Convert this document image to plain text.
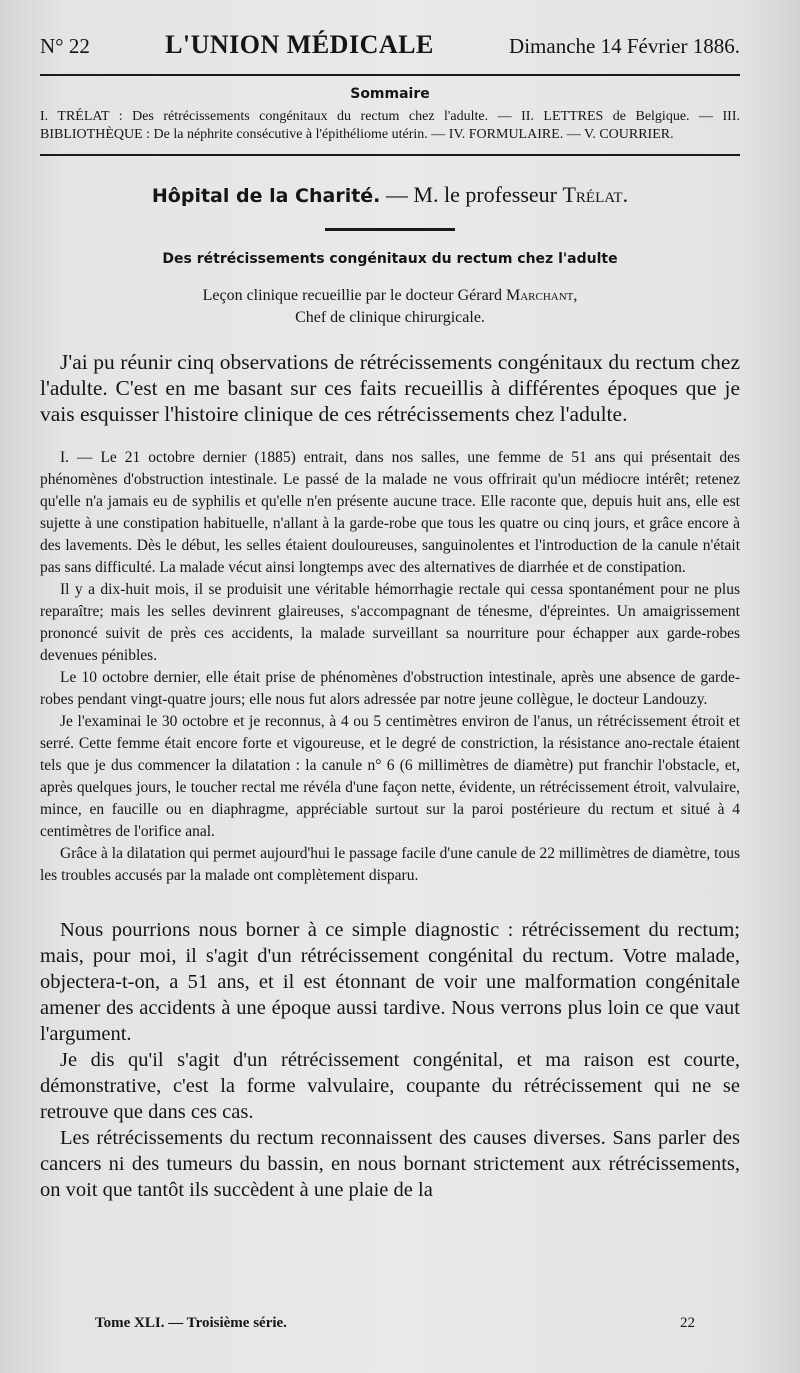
N° 22	L'UNION MÉDICALE	Dimanche 14 Février 1886.
Sommaire
I. TRÉLAT : Des rétrécissements congénitaux du rectum chez l'adulte. — II. LETTRES de Belgique. — III. BIBLIOTHÈQUE : De la néphrite consécutive à l'épithéliome utérin. — IV. FORMULAIRE. — V. COURRIER.
Hôpital de la Charité. — M. le professeur Trélat.
Des rétrécissements congénitaux du rectum chez l'adulte
Leçon clinique recueillie par le docteur Gérard Marchant,
Chef de clinique chirurgicale.
J'ai pu réunir cinq observations de rétrécissements congénitaux du rectum chez l'adulte. C'est en me basant sur ces faits recueillis à différentes époques que je vais esquisser l'histoire clinique de ces rétrécissements chez l'adulte.

I. — Le 21 octobre dernier (1885) entrait, dans nos salles, une femme de 51 ans qui présentait des phénomènes d'obstruction intestinale. Le passé de la malade ne vous offrirait qu'un médiocre intérêt; retenez qu'elle n'a jamais eu de syphilis et qu'elle n'en présente aucune trace. Elle raconte que, depuis huit ans, elle est sujette à une constipation habituelle, n'allant à la garde-robe que tous les quatre ou cinq jours, et grâce encore à des lavements. Dès le début, les selles étaient douloureuses, sanguinolentes et l'introduction de la canule n'était pas sans difficulté. La malade vécut ainsi longtemps avec des alternatives de diarrhée et de constipation.

Il y a dix-huit mois, il se produisit une véritable hémorrhagie rectale qui cessa spontanément pour ne plus reparaître; mais les selles devinrent glaireuses, s'accompagnant de ténesme, d'épreintes. Un amaigrissement prononcé suivit de près ces accidents, la malade surveillant sa nourriture pour échapper aux garde-robes devenues pénibles.

Le 10 octobre dernier, elle était prise de phénomènes d'obstruction intestinale, après une absence de garde-robes pendant vingt-quatre jours; elle nous fut alors adressée par notre jeune collègue, le docteur Landouzy.

Je l'examinai le 30 octobre et je reconnus, à 4 ou 5 centimètres environ de l'anus, un rétrécissement étroit et serré. Cette femme était encore forte et vigoureuse, et le degré de constriction, la résistance ano-rectale étaient tels que je dus commencer la dilatation : la canule n° 6 (6 millimètres de diamètre) put franchir l'obstacle, et, après quelques jours, le toucher rectal me révéla d'une façon nette, évidente, un rétrécissement étroit, valvulaire, mince, en faucille ou en diaphragme, appréciable surtout sur la paroi postérieure du rectum et situé à 4 centimètres de l'orifice anal.

Grâce à la dilatation qui permet aujourd'hui le passage facile d'une canule de 22 millimètres de diamètre, tous les troubles accusés par la malade ont complètement disparu.

Nous pourrions nous borner à ce simple diagnostic : rétrécissement du rectum; mais, pour moi, il s'agit d'un rétrécissement congénital du rectum. Votre malade, objectera-t-on, a 51 ans, et il est étonnant de voir une malformation congénitale amener des accidents à une époque aussi tardive. Nous verrons plus loin ce que vaut l'argument.

Je dis qu'il s'agit d'un rétrécissement congénital, et ma raison est courte, démonstrative, c'est la forme valvulaire, coupante du rétrécissement qui ne se retrouve que dans ces cas.

Les rétrécissements du rectum reconnaissent des causes diverses. Sans parler des cancers ni des tumeurs du bassin, en nous bornant strictement aux rétrécissements, on voit que tantôt ils succèdent à une plaie de la

Tome XLI. — Troisième série.	22
